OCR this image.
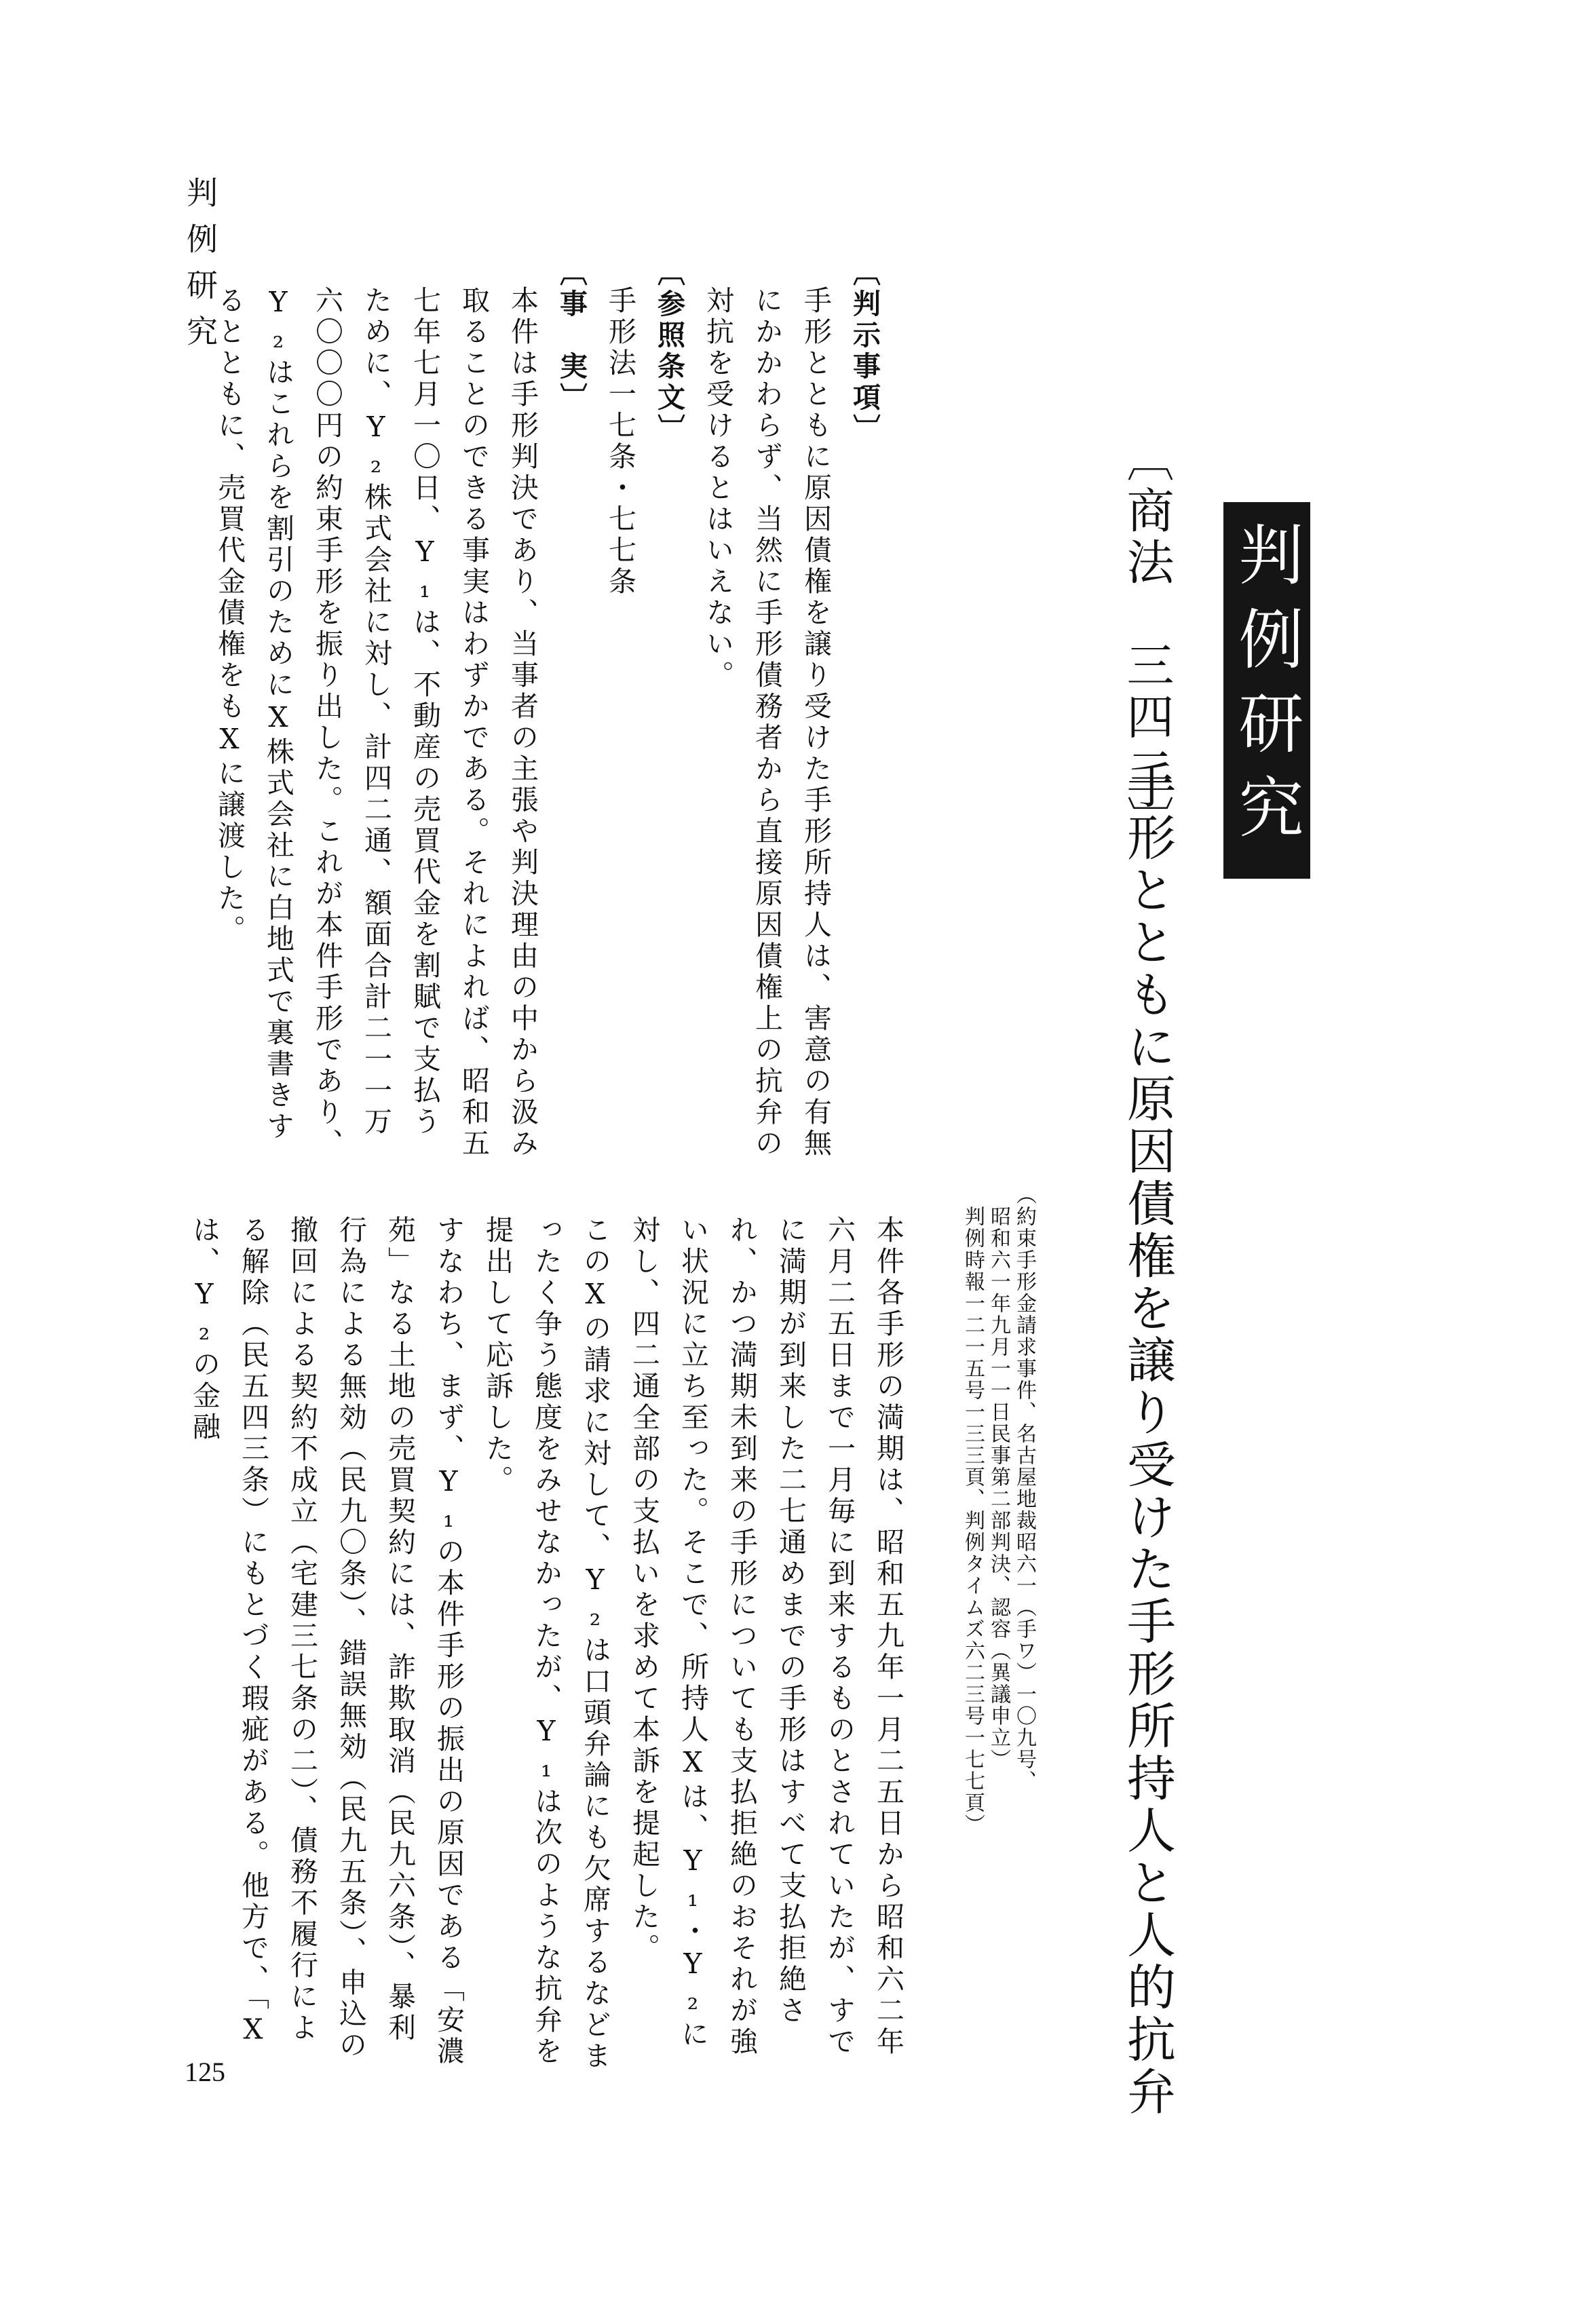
判例研究
判例研究
〔商法　三四二〕
手形とともに原因債権を譲り受けた手形所持人と人的抗弁
（約束手形金請求事件、名古屋地裁昭六一（手ワ）一〇九号、
　昭和六一年九月一一日民事第二部判決、認容（異議申立）
　判例時報一二一五号一三三頁、判例タイムズ六二三号一七七頁）

本件各手形の満期は、昭和五九年一月二五日から昭和六二年六月二五日まで一月毎に到来するものとされていたが、すでに満期が到来した二七通めまでの手形はすべて支払拒絶され、かつ満期未到来の手形についても支払拒絶のおそれが強い状況に立ち至った。そこで、所持人Xは、Y₁・Y₂に対し、四二通全部の支払いを求めて本訴を提起した。

このXの請求に対して、Y₂は口頭弁論にも欠席するなどまったく争う態度をみせなかったが、Y₁は次のような抗弁を提出して応訴した。

すなわち、まず、Y₁の本件手形の振出の原因である「安濃苑」なる土地の売買契約には、詐欺取消（民九六条）、暴利行為による無効（民九〇条）、錯誤無効（民九五条）、申込の撤回による契約不成立（宅建三七条の二）、債務不履行による解除（民五四三条）にもとづく瑕疵がある。他方で、「Xは、Y₂の金融

〔判示事項〕

手形とともに原因債権を譲り受けた手形所持人は、害意の有無にかかわらず、当然に手形債務者から直接原因債権上の抗弁の対抗を受けるとはいえない。

〔参照条文〕

手形法一七条・七七条

〔事　実〕

本件は手形判決であり、当事者の主張や判決理由の中から汲み取ることのできる事実はわずかである。それによれば、昭和五七年七月一〇日、Y₁は、不動産の売買代金を割賦で支払うために、Y₂株式会社に対し、計四二通、額面合計二一一万六〇〇〇円の約束手形を振り出した。これが本件手形であり、Y₂はこれらを割引のためにX株式会社に白地式で裏書きするとともに、売買代金債権をもXに譲渡した。

125
